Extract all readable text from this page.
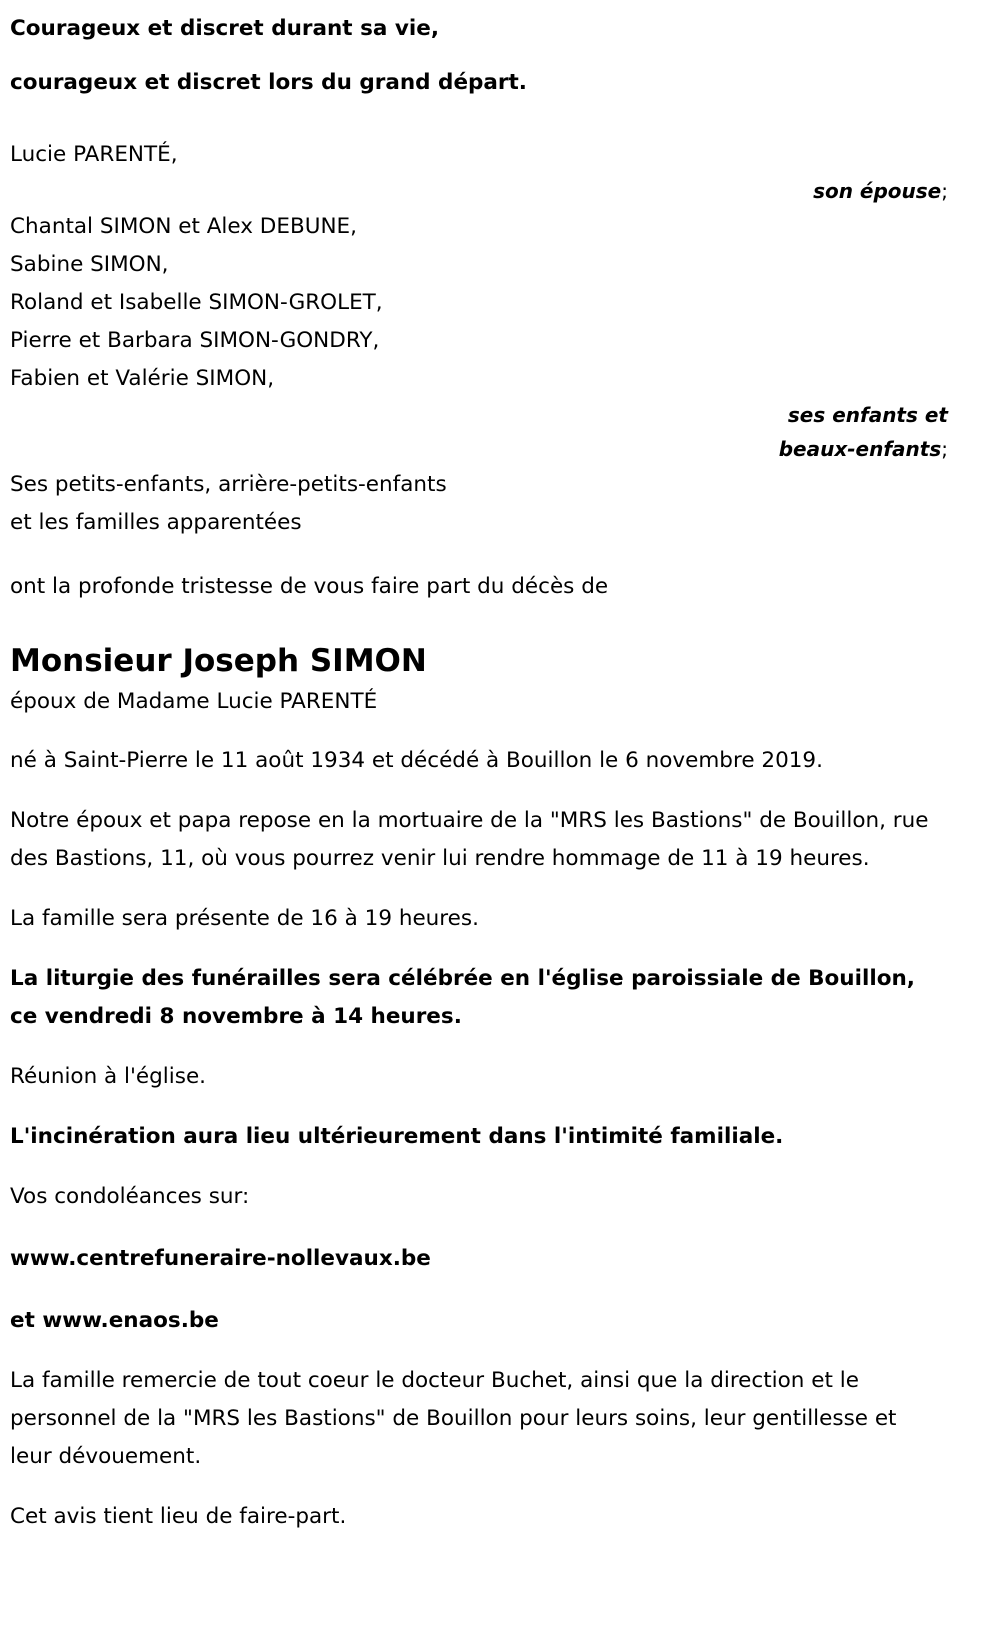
Courageux et discret durant sa vie,
courageux et discret lors du grand départ.
Lucie PARENTÉ,
son épouse;
Chantal SIMON et Alex DEBUNE,
Sabine SIMON,
Roland et Isabelle SIMON-GROLET,
Pierre et Barbara SIMON-GONDRY,
Fabien et Valérie SIMON,
ses enfants et
beaux-enfants;
Ses petits-enfants, arrière-petits-enfants
et les familles apparentées
ont la profonde tristesse de vous faire part du décès de
Monsieur Joseph SIMON
époux de Madame Lucie PARENTÉ
né à Saint-Pierre le 11 août 1934 et décédé à Bouillon le 6 novembre 2019.
Notre époux et papa repose en la mortuaire de la "MRS les Bastions" de Bouillon, rue des Bastions, 11, où vous pourrez venir lui rendre hommage de 11 à 19 heures.
La famille sera présente de 16 à 19 heures.
La liturgie des funérailles sera célébrée en l'église paroissiale de Bouillon, ce vendredi 8 novembre à 14 heures.
Réunion à l'église.
L'incinération aura lieu ultérieurement dans l'intimité familiale.
Vos condoléances sur:
www.centrefuneraire-nollevaux.be
et www.enaos.be
La famille remercie de tout coeur le docteur Buchet, ainsi que la direction et le personnel de la "MRS les Bastions" de Bouillon pour leurs soins, leur gentillesse et leur dévouement.
Cet avis tient lieu de faire-part.
